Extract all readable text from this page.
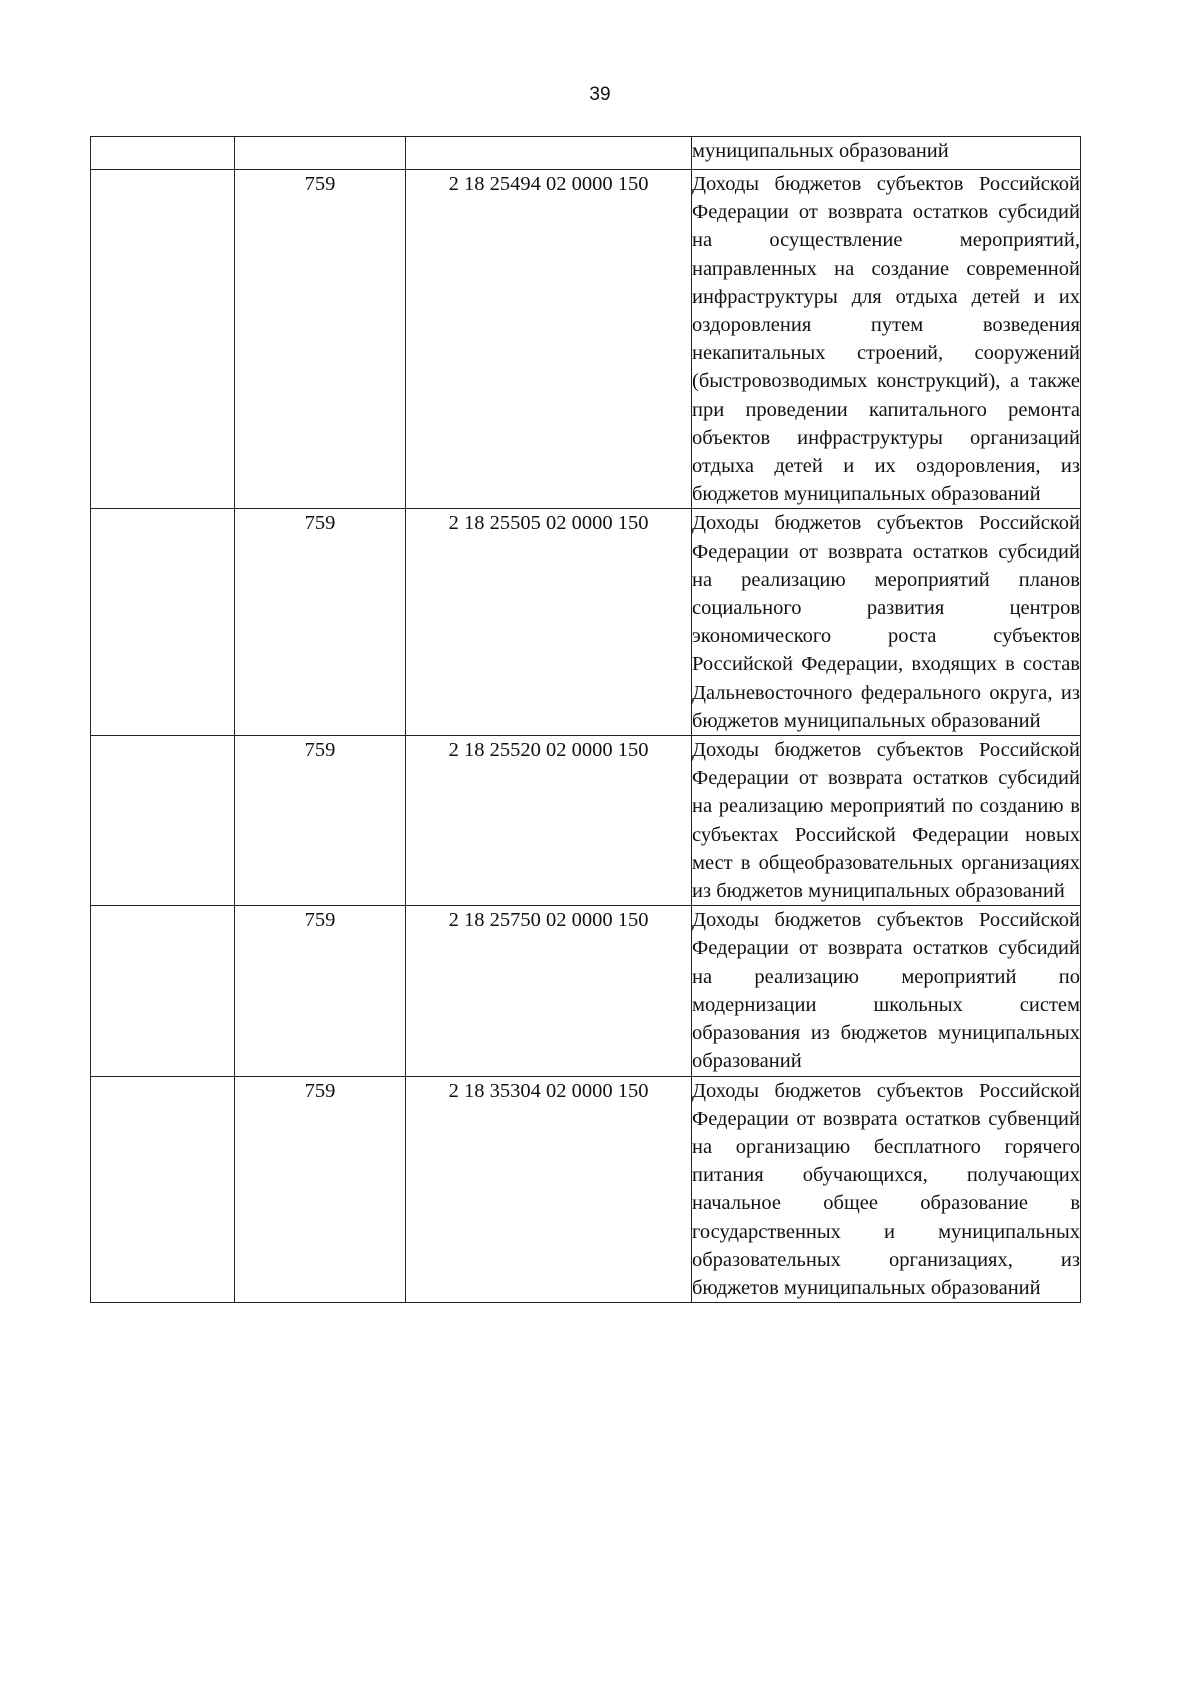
39
			муниципальных образований
	759	2 18 25494 02 0000 150	Доходы бюджетов субъектов Российской Федерации от возврата остатков субсидий на осуществление мероприятий, направленных на создание современной инфраструктуры для отдыха детей и их оздоровления путем возведения некапитальных строений, сооружений (быстровозводимых конструкций), а также при проведении капитального ремонта объектов инфраструктуры организаций отдыха детей и их оздоровления, из бюджетов муниципальных образований
	759	2 18 25505 02 0000 150	Доходы бюджетов субъектов Российской Федерации от возврата остатков субсидий на реализацию мероприятий планов социального развития центров экономического роста субъектов Российской Федерации, входящих в состав Дальневосточного федерального округа, из бюджетов муниципальных образований
	759	2 18 25520 02 0000 150	Доходы бюджетов субъектов Российской Федерации от возврата остатков субсидий на реализацию мероприятий по созданию в субъектах Российской Федерации новых мест в общеобразовательных организациях из бюджетов муниципальных образований
	759	2 18 25750 02 0000 150	Доходы бюджетов субъектов Российской Федерации от возврата остатков субсидий на реализацию мероприятий по модернизации школьных систем образования из бюджетов муниципальных образований
	759	2 18 35304 02 0000 150	Доходы бюджетов субъектов Российской Федерации от возврата остатков субвенций на организацию бесплатного горячего питания обучающихся, получающих начальное общее образование в государственных и муниципальных образовательных организациях, из бюджетов муниципальных образований
